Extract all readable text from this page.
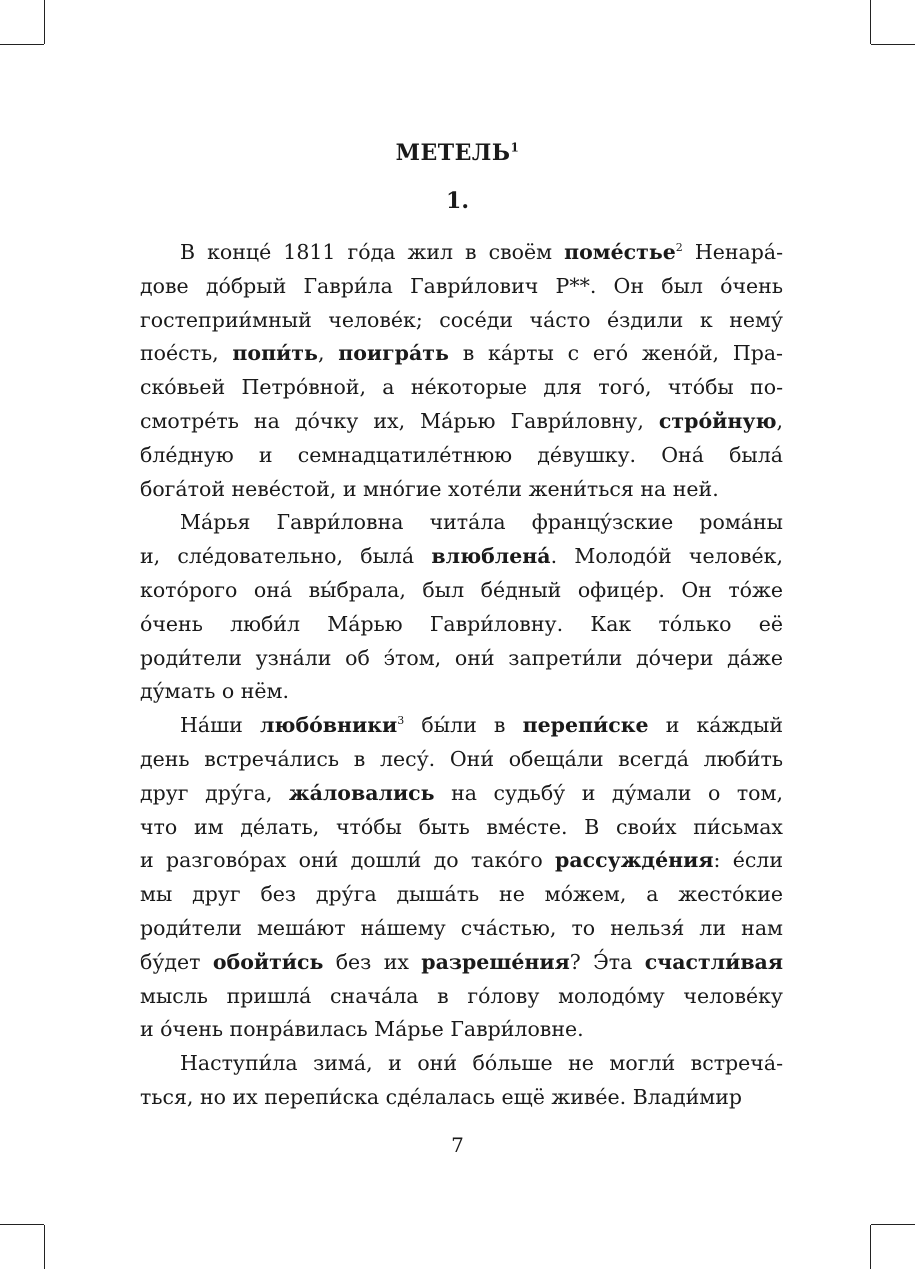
МЕТЕЛЬ$^1$
1.
В конце́ 1811 го́да жил в своём поме́стье$^2$ Ненара́-
дове до́брый Гаври́ла Гаври́лович Р**. Он был о́чень
гостеприи́мный челове́к; сосе́ди ча́сто е́здили к нему́
пое́сть, попи́ть, поигра́ть в ка́рты с его́ жено́й, Пра-
ско́вьей Петро́вной, а не́которые для того́, что́бы по-
смотре́ть на до́чку их, Ма́рью Гаври́ловну, стро́йную,
бле́дную и семнадцатиле́тнюю де́вушку. Она́ была́
бога́той неве́стой, и мно́гие хоте́ли жени́ться на ней.
Ма́рья Гаври́ловна чита́ла францу́зские рома́ны
и, сле́довательно, была́ влюблена́. Молодо́й челове́к,
кото́рого она́ вы́брала, был бе́дный офице́р. Он то́же
о́чень люби́л Ма́рью Гаври́ловну. Как то́лько её
роди́тели узна́ли об э́том, они́ запрети́ли до́чери да́же
ду́мать о нём.
На́ши любо́вники$^3$ бы́ли в перепи́ске и ка́ждый
день встреча́лись в лесу́. Они́ обеща́ли всегда́ люби́ть
друг дру́га, жа́ловались на судьбу́ и ду́мали о том,
что им де́лать, что́бы быть вме́сте. В свои́х пи́сьмах
и разгово́рах они́ дошли́ до тако́го рассужде́ния: е́сли
мы друг без дру́га дыша́ть не мо́жем, а жесто́кие
роди́тели меша́ют на́шему сча́стью, то нельзя́ ли нам
бу́дет обойти́сь без их разреше́ния? Э́та счастли́вая
мысль пришла́ снача́ла в го́лову молодо́му челове́ку
и о́чень понра́вилась Ма́рье Гаври́ловне.
Наступи́ла зима́, и они́ бо́льше не могли́ встреча́-
ться, но их перепи́ска сде́лалась ещё живе́е. Влади́мир
7
